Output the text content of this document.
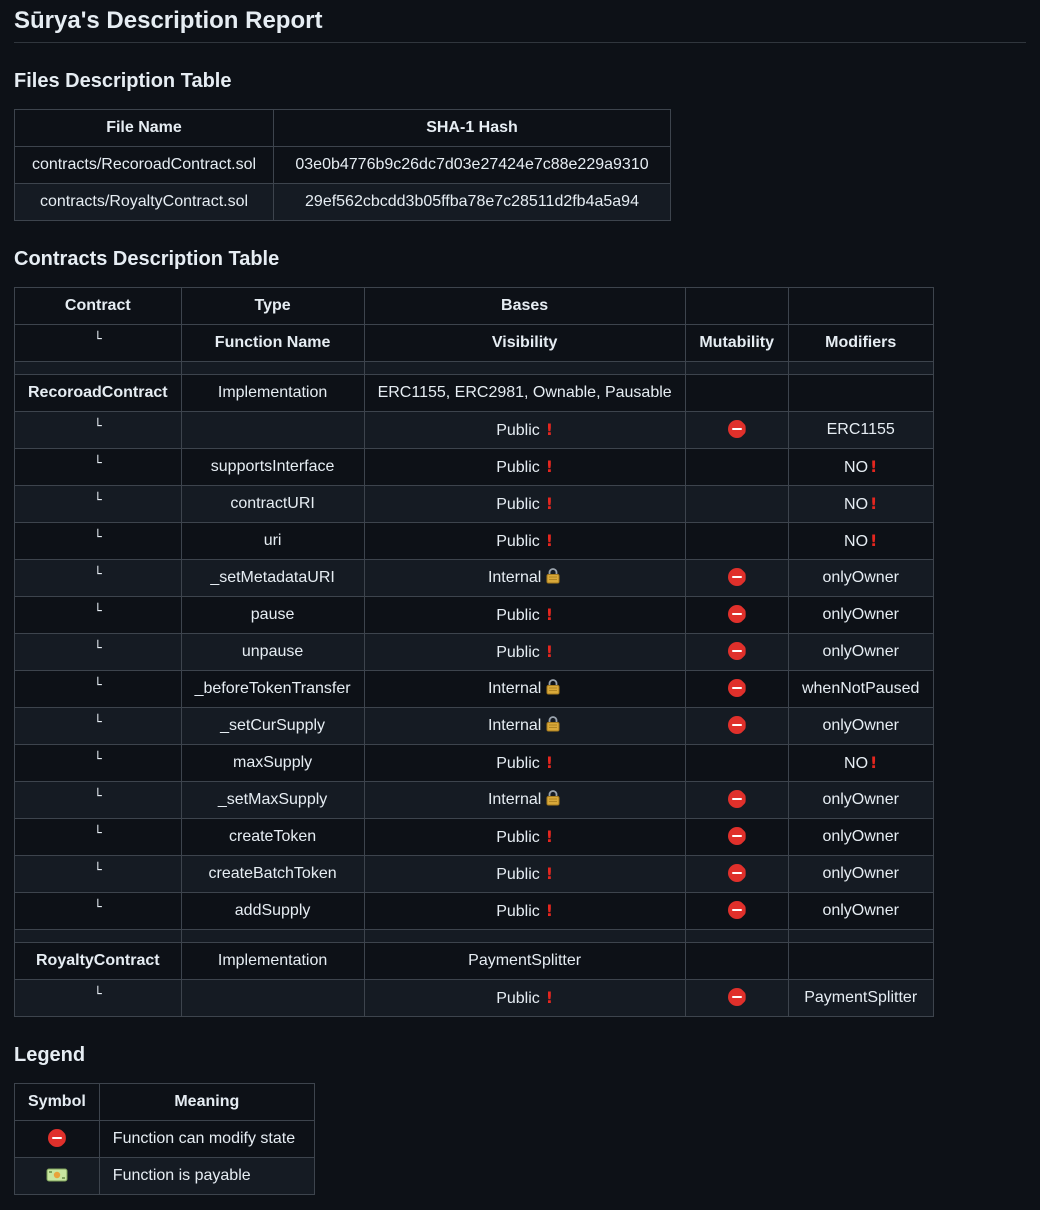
Sūrya's Description Report
Files Description Table
File Name	SHA-1 Hash
contracts/RecoroadContract.sol	03e0b4776b9c26dc7d03e27424e7c88e229a9310
contracts/RoyaltyContract.sol	29ef562cbcdd3b05ffba78e7c28511d2fb4a5a94
Contracts Description Table
Contract	Type	Bases		
└	Function Name	Visibility	Mutability	Modifiers

RecoroadContract	Implementation	ERC1155, ERC2981, Ownable, Pausable		
└		Public !		ERC1155
└	supportsInterface	Public !		NO !
└	contractURI	Public !		NO !
└	uri	Public !		NO !
└	_setMetadataURI	Internal		onlyOwner
└	pause	Public !		onlyOwner
└	unpause	Public !		onlyOwner
└	_beforeTokenTransfer	Internal		whenNotPaused
└	_setCurSupply	Internal		onlyOwner
└	maxSupply	Public !		NO !
└	_setMaxSupply	Internal		onlyOwner
└	createToken	Public !		onlyOwner
└	createBatchToken	Public !		onlyOwner
└	addSupply	Public !		onlyOwner

RoyaltyContract	Implementation	PaymentSplitter		
└		Public !		PaymentSplitter
Legend
Symbol	Meaning
	Function can modify state
	Function is payable
